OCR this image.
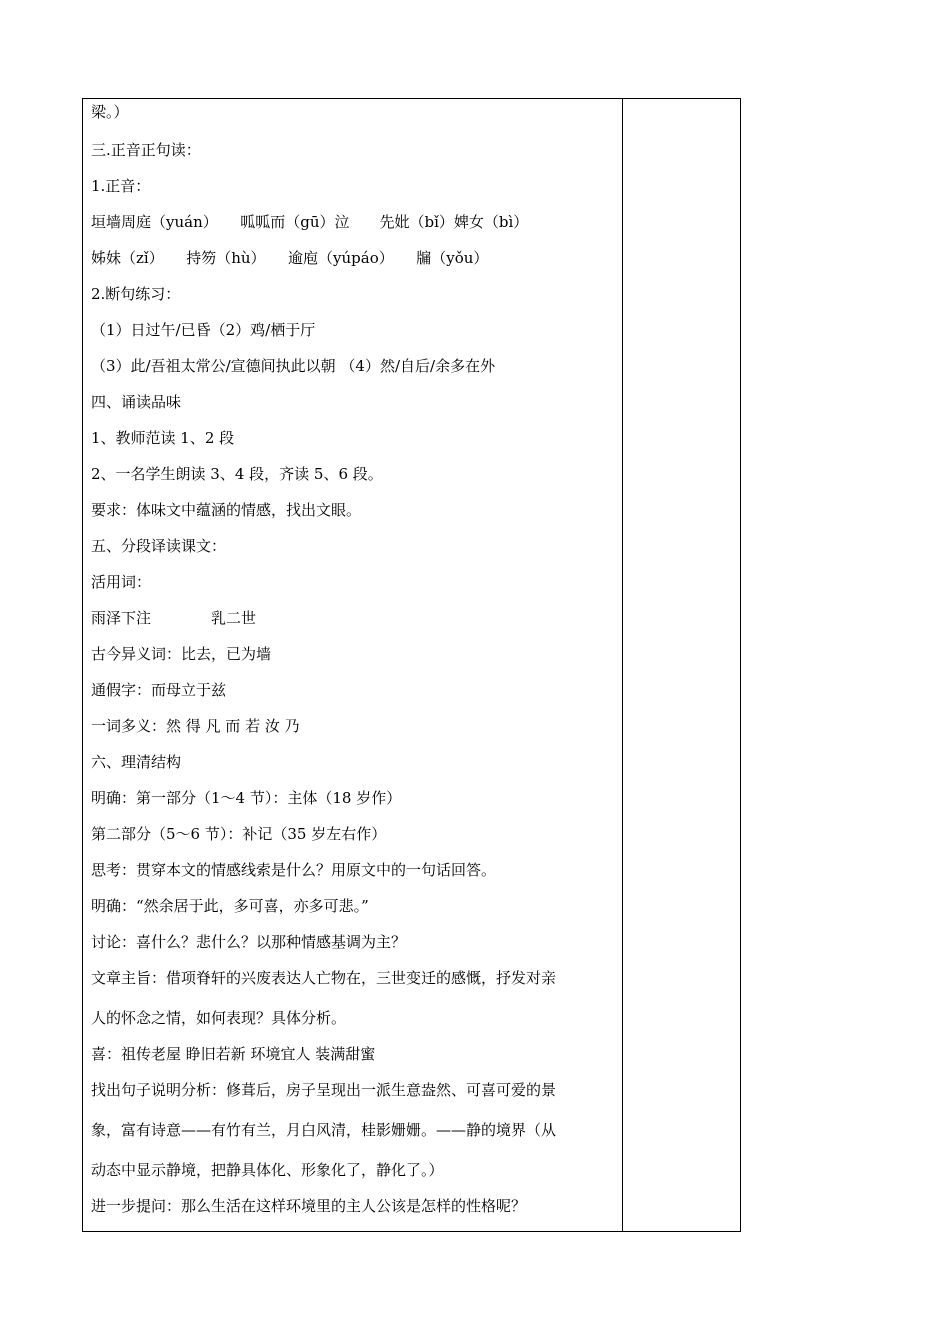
梁。）
三.正音正句读：
1.正音：
垣墙周庭（yuán）　　呱呱而（gū）泣　　先妣（bǐ）婢女（bì）
姊妹（zǐ）　　持笏（hù）　　逾庖（yúpáo）　　牖（yǒu）
2.断句练习：
（1）日过午/已昏（2）鸡/栖于厅
（3）此/吾祖太常公/宣德间执此以朝 （4）然/自后/余多在外
四、诵读品味
1、教师范读 1、2 段
2、一名学生朗读 3、4 段，齐读 5、6 段。
要求：体味文中蕴涵的情感，找出文眼。
五、分段译读课文：
活用词：
雨泽下注　　　　乳二世
古今异义词：比去，已为墙
通假字：而母立于兹
一词多义：然 得 凡 而 若 汝 乃
六、理清结构
明确：第一部分（1～4 节）：主体（18 岁作）
第二部分（5～6 节）：补记（35 岁左右作）
思考：贯穿本文的情感线索是什么？用原文中的一句话回答。
明确：“然余居于此，多可喜，亦多可悲。”
讨论：喜什么？悲什么？以那种情感基调为主？
文章主旨：借项脊轩的兴废表达人亡物在，三世变迁的感慨，抒发对亲
人的怀念之情，如何表现？具体分析。
喜：祖传老屋 睁旧若新 环境宜人 装满甜蜜
找出句子说明分析：修葺后，房子呈现出一派生意盎然、可喜可爱的景
象，富有诗意——有竹有兰，月白风清，桂影姗姗。——静的境界（从
动态中显示静境，把静具体化、形象化了，静化了。）
进一步提问：那么生活在这样环境里的主人公该是怎样的性格呢？
